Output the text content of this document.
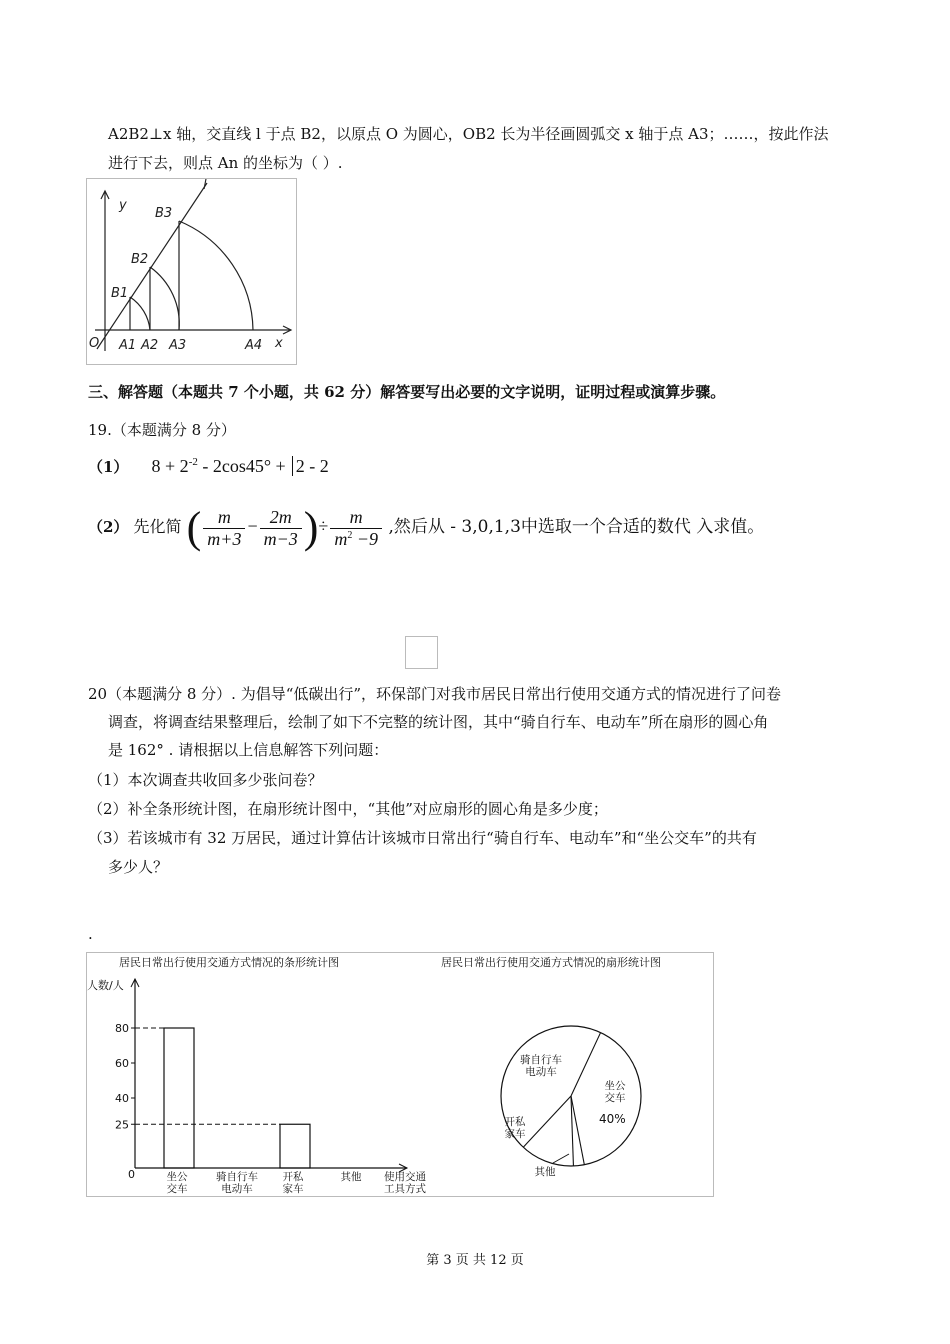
A2B2⊥x 轴，交直线 l 于点 B2，以原点 O 为圆心，OB2 长为半径画圆弧交 x 轴于点 A3；……，按此作法
进行下去，则点 An 的坐标为（ ）.
y
x
l
O
B1
B2
B3
A1 A2 A3	A4
三、解答题（本题共 7 个小题，共 62 分）解答要写出必要的文字说明，证明过程或演算步骤。
19.（本题满分 8 分）
（1） $8 + 2^{-2} - 2\cos 45^\circ + 2 - 2$
（2） 先化简 ( $\frac{m}{m+3} - \frac{2m}{m-3}$ )÷ $\frac{m}{m^2 -9}$ ,然后从 - 3,0,1,3中选取一个合适的数代 入求值。
20（本题满分 8 分）. 为倡导“低碳出行”，环保部门对我市居民日常出行使用交通方式的情况进行了问卷
调查，将调查结果整理后，绘制了如下不完整的统计图，其中“骑自行车、电动车”所在扇形的圆心角
是 162° . 请根据以上信息解答下列问题：
（1）本次调查共收回多少张问卷？
（2）补全条形统计图，在扇形统计图中，“其他”对应扇形的圆心角是多少度；
（3）若该城市有 32 万居民，通过计算估计该城市日常出行“骑自行车、电动车”和“坐公交车”的共有
多少人？
.
居民日常出行使用交通方式情况的条形统计图	居民日常出行使用交通方式情况的扇形统计图
人数/人
0
25
40
60
80
坐公
交车
骑自行车
电动车
开私
家车
其他 使用交通
工具方式
坐公
交车
40%
骑自行车
电动车
开私
家车
其他
第 3 页 共 12 页
